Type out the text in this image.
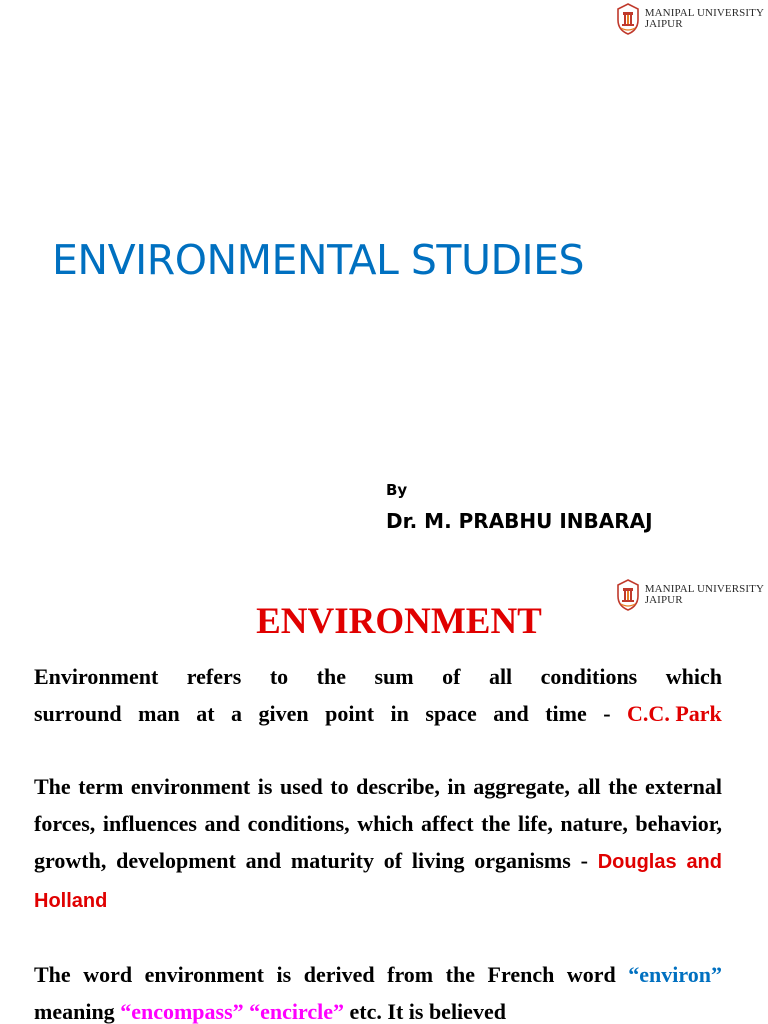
MANIPAL UNIVERSITY
JAIPUR
ENVIRONMENTAL STUDIES
By
Dr. M. PRABHU INBARAJ
MANIPAL UNIVERSITY
JAIPUR
ENVIRONMENT

Environment refers to the sum of all conditions which surround man at a given point in space and time - C.C. Park

The term environment is used to describe, in aggregate, all the external forces, influences and conditions, which affect the life, nature, behavior, growth, development and maturity of living organisms - Douglas and Holland

The word environment is derived from the French word “environ” meaning “encompass” “encircle” etc. It is believed
